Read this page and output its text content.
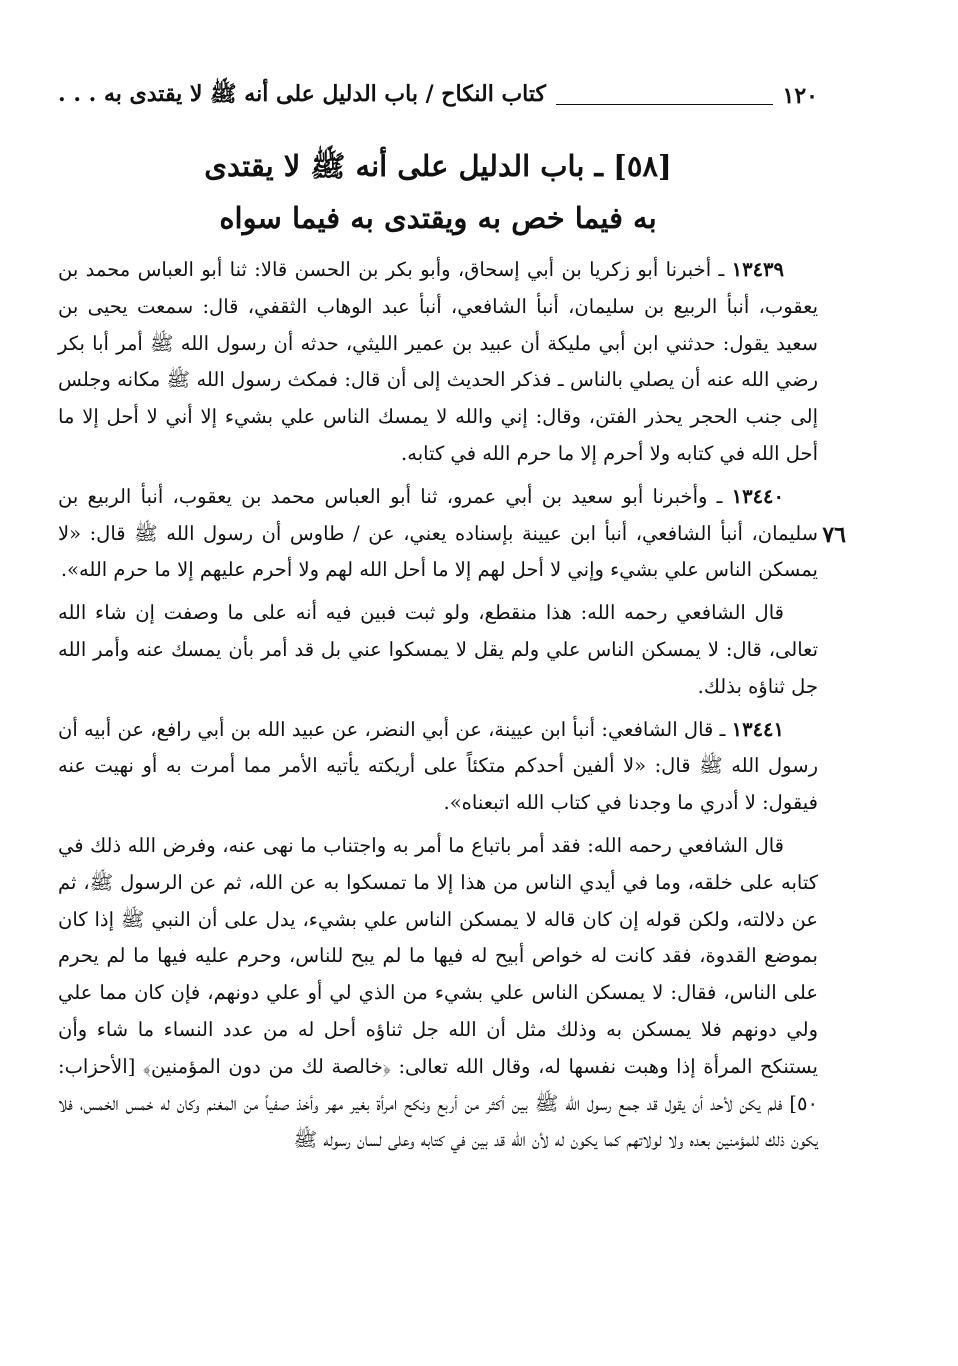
١٢٠
كتاب النكاح / باب الدليل على أنه ﷺ لا يقتدى به . . .
[٥٨] ـ باب الدليل على أنه ﷺ لا يقتدى
به فيما خص به ويقتدى به فيما سواه

١٣٤٣٩ ـ أخبرنا أبو زكريا بن أبي إسحاق، وأبو بكر بن الحسن قالا: ثنا أبو العباس محمد بن يعقوب، أنبأ الربيع بن سليمان، أنبأ الشافعي، أنبأ عبد الوهاب الثقفي، قال: سمعت يحيى بن سعيد يقول: حدثني ابن أبي مليكة أن عبيد بن عمير الليثي، حدثه أن رسول الله ﷺ أمر أبا بكر رضي الله عنه أن يصلي بالناس ـ فذكر الحديث إلى أن قال: فمكث رسول الله ﷺ مكانه وجلس إلى جنب الحجر يحذر الفتن، وقال: إني والله لا يمسك الناس علي بشيء إلا أني لا أحل إلا ما أحل الله في كتابه ولا أحرم إلا ما حرم الله في كتابه.

١٣٤٤٠ ـ وأخبرنا أبو سعيد بن أبي عمرو، ثنا أبو العباس محمد بن يعقوب، أنبأ الربيع بن سليمان، أنبأ الشافعي، أنبأ ابن عيينة بإسناده يعني، عن / طاوس أن رسول الله ﷺ قال: «لا يمسكن الناس علي بشيء وإني لا أحل لهم إلا ما أحل الله لهم ولا أحرم عليهم إلا ما حرم الله».
٧٦

قال الشافعي رحمه الله: هذا منقطع، ولو ثبت فبين فيه أنه على ما وصفت إن شاء الله تعالى، قال: لا يمسكن الناس علي ولم يقل لا يمسكوا عني بل قد أمر بأن يمسك عنه وأمر الله جل ثناؤه بذلك.

١٣٤٤١ ـ قال الشافعي: أنبأ ابن عيينة، عن أبي النضر، عن عبيد الله بن أبي رافع، عن أبيه أن رسول الله ﷺ قال: «لا ألفين أحدكم متكئاً على أريكته يأتيه الأمر مما أمرت به أو نهيت عنه فيقول: لا أدري ما وجدنا في كتاب الله اتبعناه».

قال الشافعي رحمه الله: فقد أمر باتباع ما أمر به واجتناب ما نهى عنه، وفرض الله ذلك في كتابه على خلقه، وما في أيدي الناس من هذا إلا ما تمسكوا به عن الله، ثم عن الرسول ﷺ، ثم عن دلالته، ولكن قوله إن كان قاله لا يمسكن الناس علي بشيء، يدل على أن النبي ﷺ إذا كان بموضع القدوة، فقد كانت له خواص أبيح له فيها ما لم يبح للناس، وحرم عليه فيها ما لم يحرم على الناس، فقال: لا يمسكن الناس علي بشيء من الذي لي أو علي دونهم، فإن كان مما علي ولي دونهم فلا يمسكن به وذلك مثل أن الله جل ثناؤه أحل له من عدد النساء ما شاء وأن يستنكح المرأة إذا وهبت نفسها له، وقال الله تعالى: ﴿خالصة لك من دون المؤمنين﴾ [الأحزاب: ٥٠] فلم يكن لأحد أن يقول قد جمع رسول الله ﷺ بين أكثر من أربع ونكح امرأة بغير مهر وأخذ صفياً من المغنم وكان له خمس الخمس، فلا يكون ذلك للمؤمنين بعده ولا لولاتهم كما يكون له لأن الله قد بين في كتابه وعلى لسان رسوله ﷺ
